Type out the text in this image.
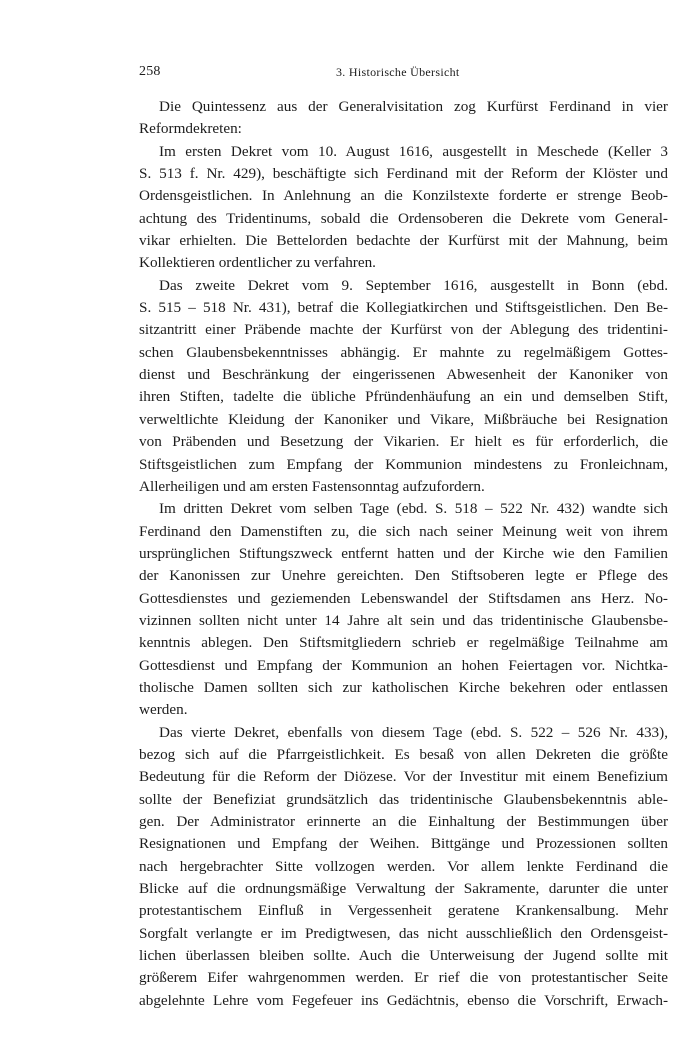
258	3. Historische Übersicht
Die Quintessenz aus der Generalvisitation zog Kurfürst Ferdinand in vier
Reformdekreten:
Im ersten Dekret vom 10. August 1616, ausgestellt in Meschede (Keller 3
S. 513 f. Nr. 429), beschäftigte sich Ferdinand mit der Reform der Klöster und
Ordensgeistlichen. In Anlehnung an die Konzilstexte forderte er strenge Beob-
achtung des Tridentinums, sobald die Ordensoberen die Dekrete vom General-
vikar erhielten. Die Bettelorden bedachte der Kurfürst mit der Mahnung, beim
Kollektieren ordentlicher zu verfahren.
Das zweite Dekret vom 9. September 1616, ausgestellt in Bonn (ebd.
S. 515 – 518 Nr. 431), betraf die Kollegiatkirchen und Stiftsgeistlichen. Den Be-
sitzantritt einer Präbende machte der Kurfürst von der Ablegung des tridentini-
schen Glaubensbekenntnisses abhängig. Er mahnte zu regelmäßigem Gottes-
dienst und Beschränkung der eingerissenen Abwesenheit der Kanoniker von
ihren Stiften, tadelte die übliche Pfründenhäufung an ein und demselben Stift,
verweltlichte Kleidung der Kanoniker und Vikare, Mißbräuche bei Resignation
von Präbenden und Besetzung der Vikarien. Er hielt es für erforderlich, die
Stiftsgeistlichen zum Empfang der Kommunion mindestens zu Fronleichnam,
Allerheiligen und am ersten Fastensonntag aufzufordern.
Im dritten Dekret vom selben Tage (ebd. S. 518 – 522 Nr. 432) wandte sich
Ferdinand den Damenstiften zu, die sich nach seiner Meinung weit von ihrem
ursprünglichen Stiftungszweck entfernt hatten und der Kirche wie den Familien
der Kanonissen zur Unehre gereichten. Den Stiftsoberen legte er Pflege des
Gottesdienstes und geziemenden Lebenswandel der Stiftsdamen ans Herz. No-
vizinnen sollten nicht unter 14 Jahre alt sein und das tridentinische Glaubensbe-
kenntnis ablegen. Den Stiftsmitgliedern schrieb er regelmäßige Teilnahme am
Gottesdienst und Empfang der Kommunion an hohen Feiertagen vor. Nichtka-
tholische Damen sollten sich zur katholischen Kirche bekehren oder entlassen
werden.
Das vierte Dekret, ebenfalls von diesem Tage (ebd. S. 522 – 526 Nr. 433),
bezog sich auf die Pfarrgeistlichkeit. Es besaß von allen Dekreten die größte
Bedeutung für die Reform der Diözese. Vor der Investitur mit einem Benefizium
sollte der Benefiziat grundsätzlich das tridentinische Glaubensbekenntnis able-
gen. Der Administrator erinnerte an die Einhaltung der Bestimmungen über
Resignationen und Empfang der Weihen. Bittgänge und Prozessionen sollten
nach hergebrachter Sitte vollzogen werden. Vor allem lenkte Ferdinand die
Blicke auf die ordnungsmäßige Verwaltung der Sakramente, darunter die unter
protestantischem Einfluß in Vergessenheit geratene Krankensalbung. Mehr
Sorgfalt verlangte er im Predigtwesen, das nicht ausschließlich den Ordensgeist-
lichen überlassen bleiben sollte. Auch die Unterweisung der Jugend sollte mit
größerem Eifer wahrgenommen werden. Er rief die von protestantischer Seite
abgelehnte Lehre vom Fegefeuer ins Gedächtnis, ebenso die Vorschrift, Erwach-
